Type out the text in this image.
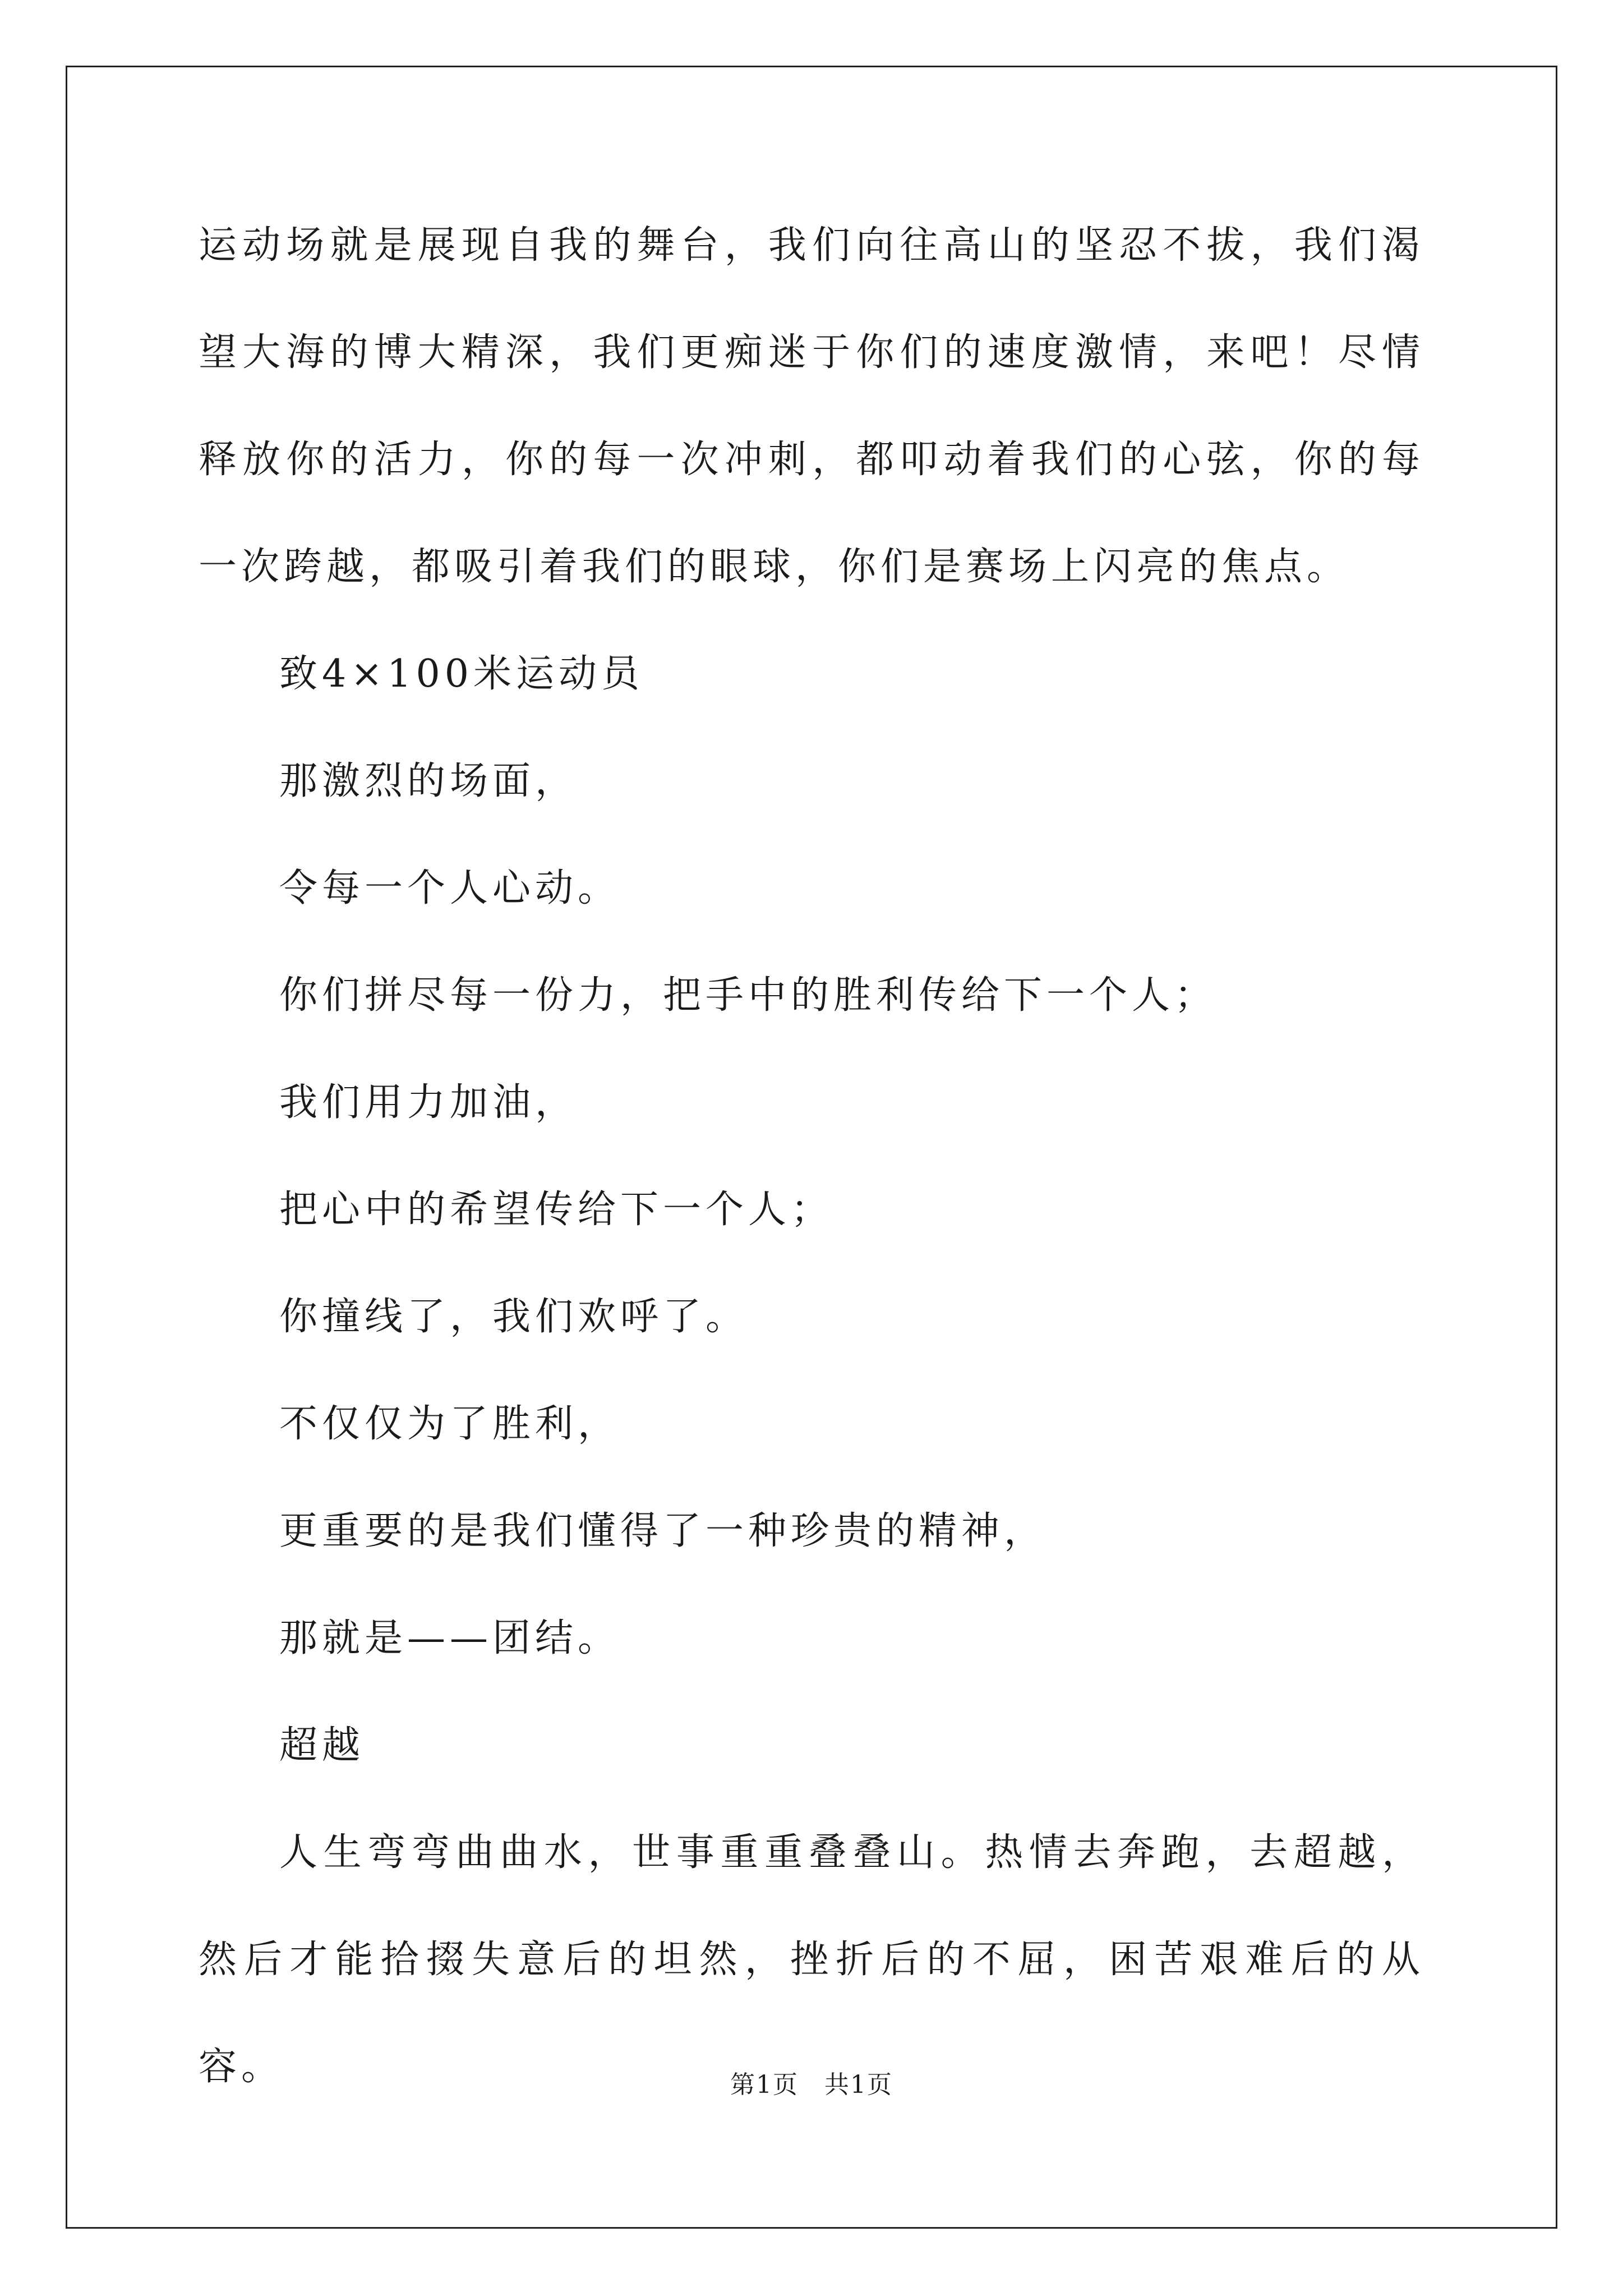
运动场就是展现自我的舞台，我们向往高山的坚忍不拔，我们渴望大海的博大精深，我们更痴迷于你们的速度激情，来吧！尽情释放你的活力，你的每一次冲刺，都叩动着我们的心弦，你的每一次跨越，都吸引着我们的眼球，你们是赛场上闪亮的焦点。

致4×100米运动员

那激烈的场面，

令每一个人心动。

你们拼尽每一份力，把手中的胜利传给下一个人；

我们用力加油，

把心中的希望传给下一个人；

你撞线了，我们欢呼了。

不仅仅为了胜利，

更重要的是我们懂得了一种珍贵的精神，

那就是——团结。

超越

人生弯弯曲曲水，世事重重叠叠山。热情去奔跑，去超越，然后才能拾掇失意后的坦然，挫折后的不屈，困苦艰难后的从容。	第1页　共1页
